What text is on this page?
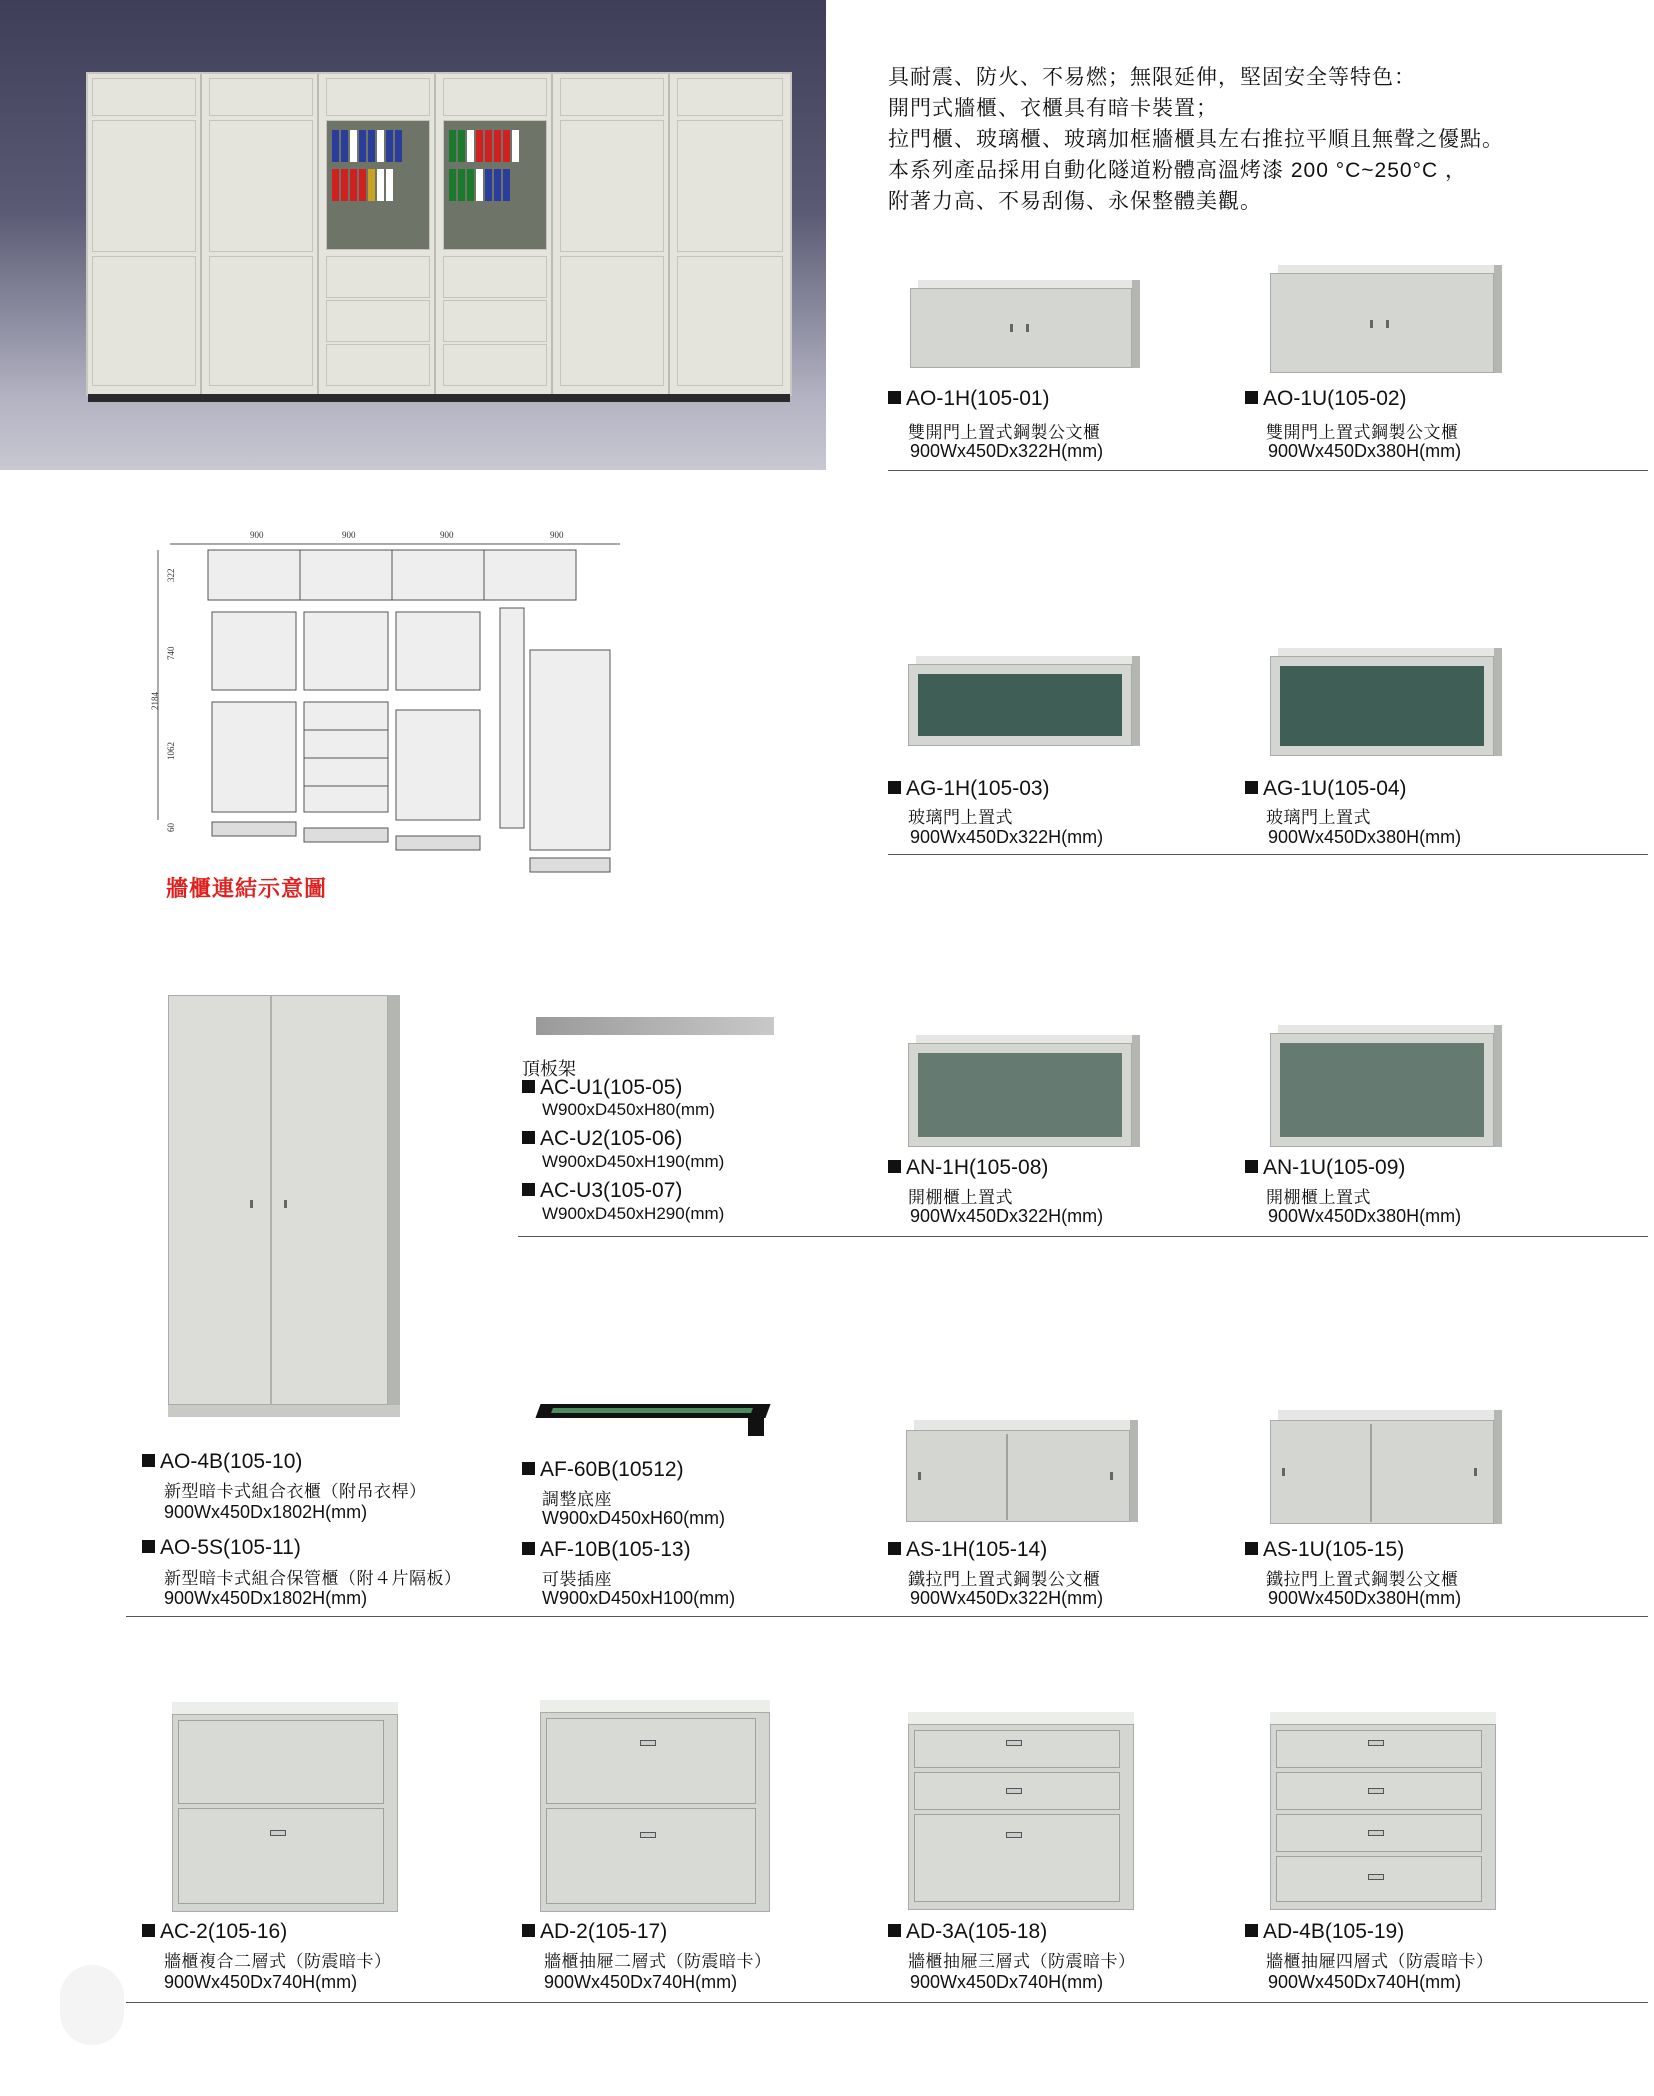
具耐震、防火、不易燃；無限延伸，堅固安全等特色：
開門式牆櫃、衣櫃具有暗卡裝置；
拉門櫃、玻璃櫃、玻璃加框牆櫃具左右推拉平順且無聲之優點。
本系列產品採用自動化隧道粉體高溫烤漆 200 °C~250°C ，
附著力高、不易刮傷、永保整體美觀。
AO-1H(105-01)
雙開門上置式鋼製公文櫃
900Wx450Dx322H(mm)
AO-1U(105-02)
雙開門上置式鋼製公文櫃
900Wx450Dx380H(mm)
900	900	900	900
322
740
1062
60
2184
牆櫃連結示意圖
AG-1H(105-03)
玻璃門上置式
900Wx450Dx322H(mm)
AG-1U(105-04)
玻璃門上置式
900Wx450Dx380H(mm)
頂板架
AC-U1(105-05)
W900xD450xH80(mm)
AC-U2(105-06)
W900xD450xH190(mm)
AC-U3(105-07)
W900xD450xH290(mm)
AN-1H(105-08)
開棚櫃上置式
900Wx450Dx322H(mm)
AN-1U(105-09)
開棚櫃上置式
900Wx450Dx380H(mm)
AO-4B(105-10)
新型暗卡式組合衣櫃（附吊衣桿）
900Wx450Dx1802H(mm)
AO-5S(105-11)
新型暗卡式組合保管櫃（附４片隔板）
900Wx450Dx1802H(mm)
AF-60B(10512)
調整底座
W900xD450xH60(mm)
AF-10B(105-13)
可裝插座
W900xD450xH100(mm)
AS-1H(105-14)
鐵拉門上置式鋼製公文櫃
900Wx450Dx322H(mm)
AS-1U(105-15)
鐵拉門上置式鋼製公文櫃
900Wx450Dx380H(mm)
AC-2(105-16)
牆櫃複合二層式（防震暗卡）
900Wx450Dx740H(mm)
AD-2(105-17)
牆櫃抽屜二層式（防震暗卡）
900Wx450Dx740H(mm)
AD-3A(105-18)
牆櫃抽屜三層式（防震暗卡）
900Wx450Dx740H(mm)
AD-4B(105-19)
牆櫃抽屜四層式（防震暗卡）
900Wx450Dx740H(mm)
